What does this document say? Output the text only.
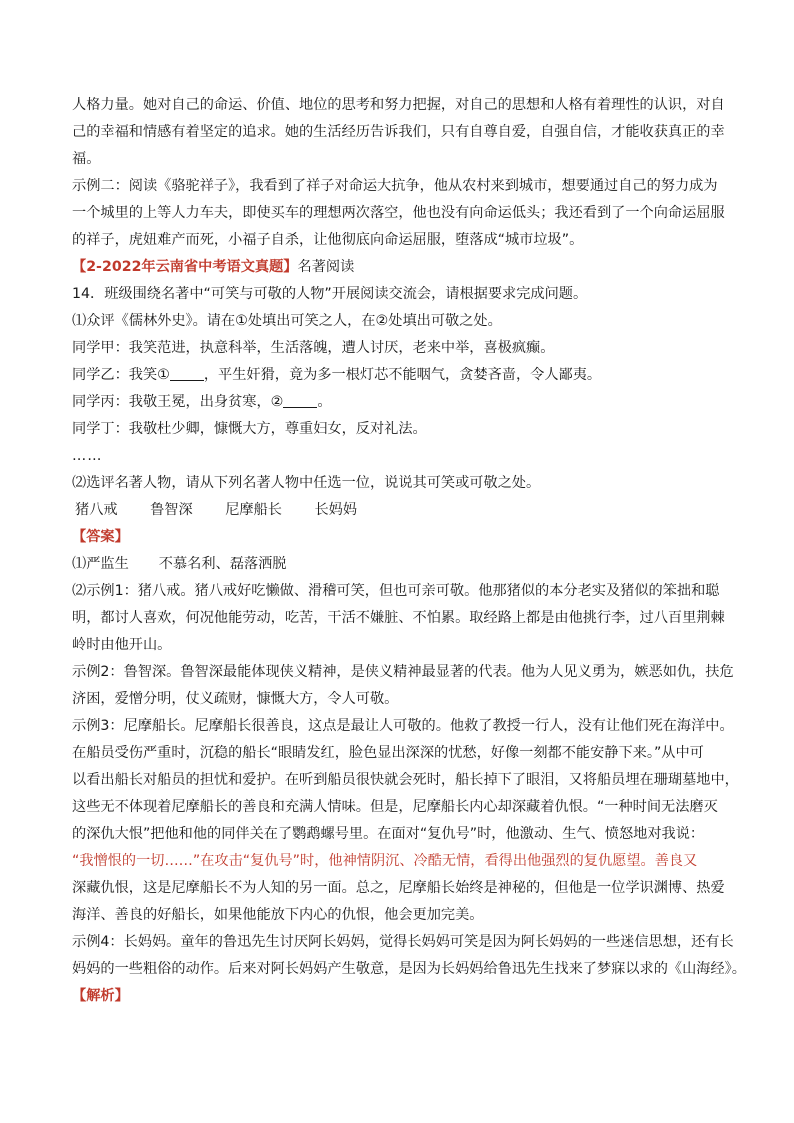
人格力量。她对自己的命运、价值、地位的思考和努力把握，对自己的思想和人格有着理性的认识，对自
己的幸福和情感有着坚定的追求。她的生活经历告诉我们，只有自尊自爱，自强自信，才能收获真正的幸
福。
示例二：阅读《骆驼祥子》，我看到了祥子对命运大抗争，他从农村来到城市，想要通过自己的努力成为
一个城里的上等人力车夫，即使买车的理想两次落空，他也没有向命运低头；我还看到了一个向命运屈服
的祥子，虎妞难产而死，小福子自杀，让他彻底向命运屈服，堕落成“城市垃圾”。
【2-2022年云南省中考语文真题】名著阅读
14．班级围绕名著中“可笑与可敬的人物”开展阅读交流会，请根据要求完成问题。
⑴众评《儒林外史》。请在①处填出可笑之人，在②处填出可敬之处。
同学甲：我笑范进，执意科举，生活落魄，遭人讨厌，老来中举，喜极疯癫。
同学乙：我笑① ，平生奸猾，竟为多一根灯芯不能咽气，贪婪吝啬，令人鄙夷。
同学丙：我敬王冕，出身贫寒，② 。
同学丁：我敬杜少卿，慷慨大方，尊重妇女，反对礼法。
……
⑵选评名著人物，请从下列名著人物中任选一位，说说其可笑或可敬之处。
猪八戒 鲁智深 尼摩船长 长妈妈
【答案】
⑴严监生 不慕名利、磊落洒脱
⑵示例1：猪八戒。猪八戒好吃懒做、滑稽可笑，但也可亲可敬。他那猪似的本分老实及猪似的笨拙和聪
明，都讨人喜欢，何况他能劳动，吃苦，干活不嫌脏、不怕累。取经路上都是由他挑行李，过八百里荆棘
岭时由他开山。
示例2：鲁智深。鲁智深最能体现侠义精神，是侠义精神最显著的代表。他为人见义勇为，嫉恶如仇，扶危
济困，爱憎分明，仗义疏财，慷慨大方，令人可敬。
示例3：尼摩船长。尼摩船长很善良，这点是最让人可敬的。他救了教授一行人，没有让他们死在海洋中。
在船员受伤严重时，沉稳的船长“眼睛发红，脸色显出深深的忧愁，好像一刻都不能安静下来。”从中可
以看出船长对船员的担忧和爱护。在听到船员很快就会死时，船长掉下了眼泪，又将船员埋在珊瑚墓地中，
这些无不体现着尼摩船长的善良和充满人情味。但是，尼摩船长内心却深藏着仇恨。“一种时间无法磨灭
的深仇大恨”把他和他的同伴关在了鹦鹉螺号里。在面对“复仇号”时，他激动、生气、愤怒地对我说：
“我憎恨的一切……”在攻击“复仇号”时，他神情阴沉、冷酷无情，看得出他强烈的复仇愿望。善良又
深藏仇恨，这是尼摩船长不为人知的另一面。总之，尼摩船长始终是神秘的，但他是一位学识渊博、热爱
海洋、善良的好船长，如果他能放下内心的仇恨，他会更加完美。
示例4：长妈妈。童年的鲁迅先生讨厌阿长妈妈，觉得长妈妈可笑是因为阿长妈妈的一些迷信思想，还有长
妈妈的一些粗俗的动作。后来对阿长妈妈产生敬意，是因为长妈妈给鲁迅先生找来了梦寐以求的《山海经》。
【解析】
